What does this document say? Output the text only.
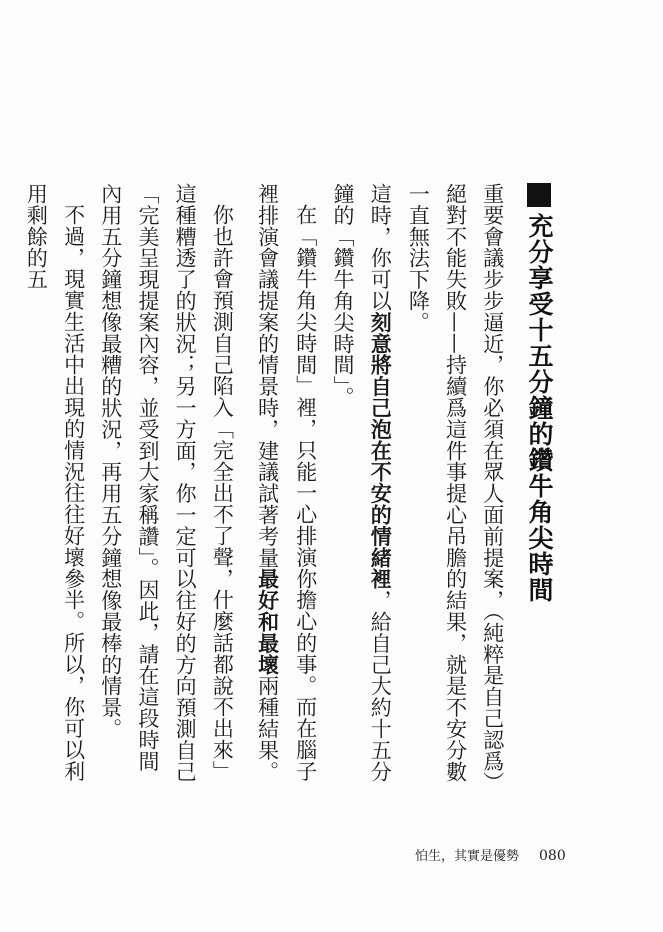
充分享受十五分鐘的鑽牛角尖時間

重要會議步步逼近，你必須在眾人面前提案，（純粹是自己認爲）絕對不能失敗——持續爲這件事提心吊膽的結果，就是不安分數一直無法下降。

這時，你可以刻意將自己泡在不安的情緒裡，給自己大約十五分鐘的「鑽牛角尖時間」。

在「鑽牛角尖時間」裡，只能一心排演你擔心的事。而在腦子裡排演會議提案的情景時，建議試著考量最好和最壞兩種結果。

你也許會預測自己陷入「完全出不了聲，什麼話都說不出來」這種糟透了的狀況；另一方面，你一定可以往好的方向預測自己「完美呈現提案內容，並受到大家稱讚」。因此，請在這段時間內用五分鐘想像最糟的狀況，再用五分鐘想像最棒的情景。

不過，現實生活中出現的情況往往好壞參半。所以，你可以利用剩餘的五

怕生，其實是優勢 080
